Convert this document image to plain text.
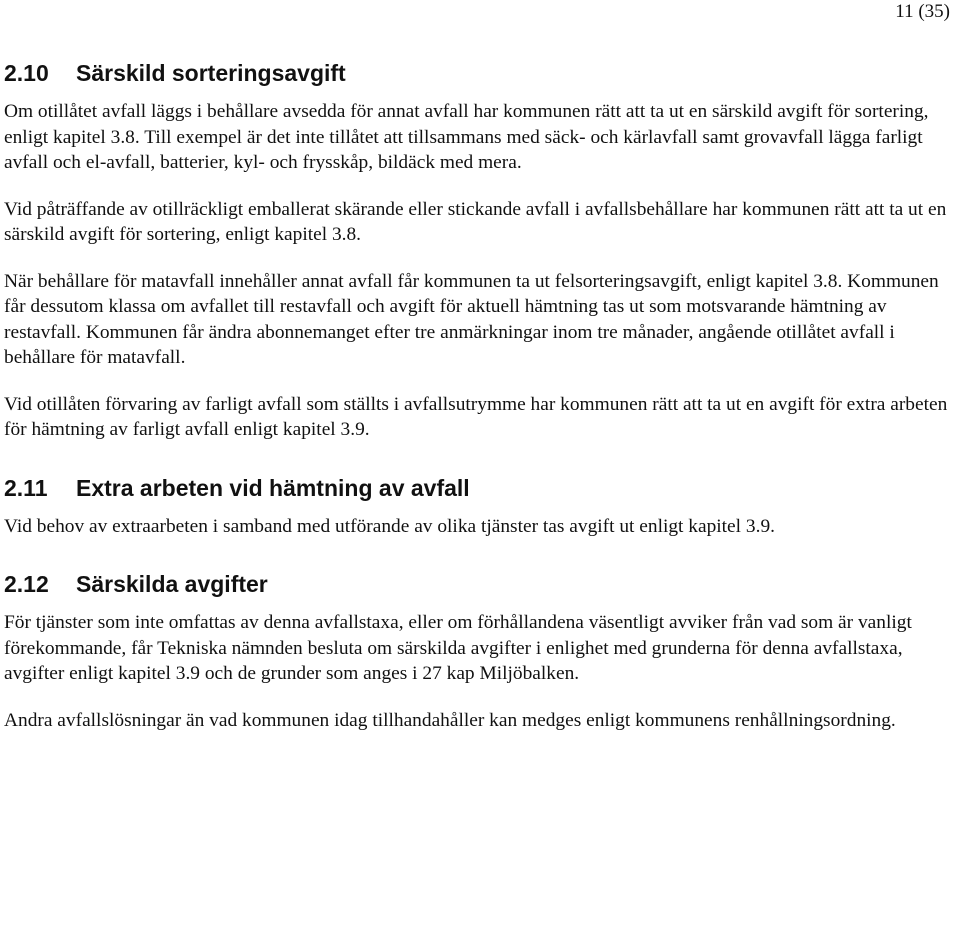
11 (35)
2.10	Särskild sorteringsavgift

Om otillåtet avfall läggs i behållare avsedda för annat avfall har kommunen rätt att ta ut en särskild avgift för sortering, enligt kapitel 3.8. Till exempel är det inte tillåtet att tillsammans med säck- och kärlavfall samt grovavfall lägga farligt avfall och el-avfall, batterier, kyl- och frysskåp, bildäck med mera.

Vid påträffande av otillräckligt emballerat skärande eller stickande avfall i avfallsbehållare har kommunen rätt att ta ut en särskild avgift för sortering, enligt kapitel 3.8.

När behållare för matavfall innehåller annat avfall får kommunen ta ut felsorteringsavgift, enligt kapitel 3.8. Kommunen får dessutom klassa om avfallet till restavfall och avgift för aktuell hämtning tas ut som motsvarande hämtning av restavfall. Kommunen får ändra abonnemanget efter tre anmärkningar inom tre månader, angående otillåtet avfall i behållare för matavfall.

Vid otillåten förvaring av farligt avfall som ställts i avfallsutrymme har kommunen rätt att ta ut en avgift för extra arbeten för hämtning av farligt avfall enligt kapitel 3.9.

2.11	Extra arbeten vid hämtning av avfall

Vid behov av extraarbeten i samband med utförande av olika tjänster tas avgift ut enligt kapitel 3.9.

2.12	Särskilda avgifter

För tjänster som inte omfattas av denna avfallstaxa, eller om förhållandena väsentligt avviker från vad som är vanligt förekommande, får Tekniska nämnden besluta om särskilda avgifter i enlighet med grunderna för denna avfallstaxa, avgifter enligt kapitel 3.9 och de grunder som anges i 27 kap Miljöbalken.

Andra avfallslösningar än vad kommunen idag tillhandahåller kan medges enligt kommunens renhållningsordning.
